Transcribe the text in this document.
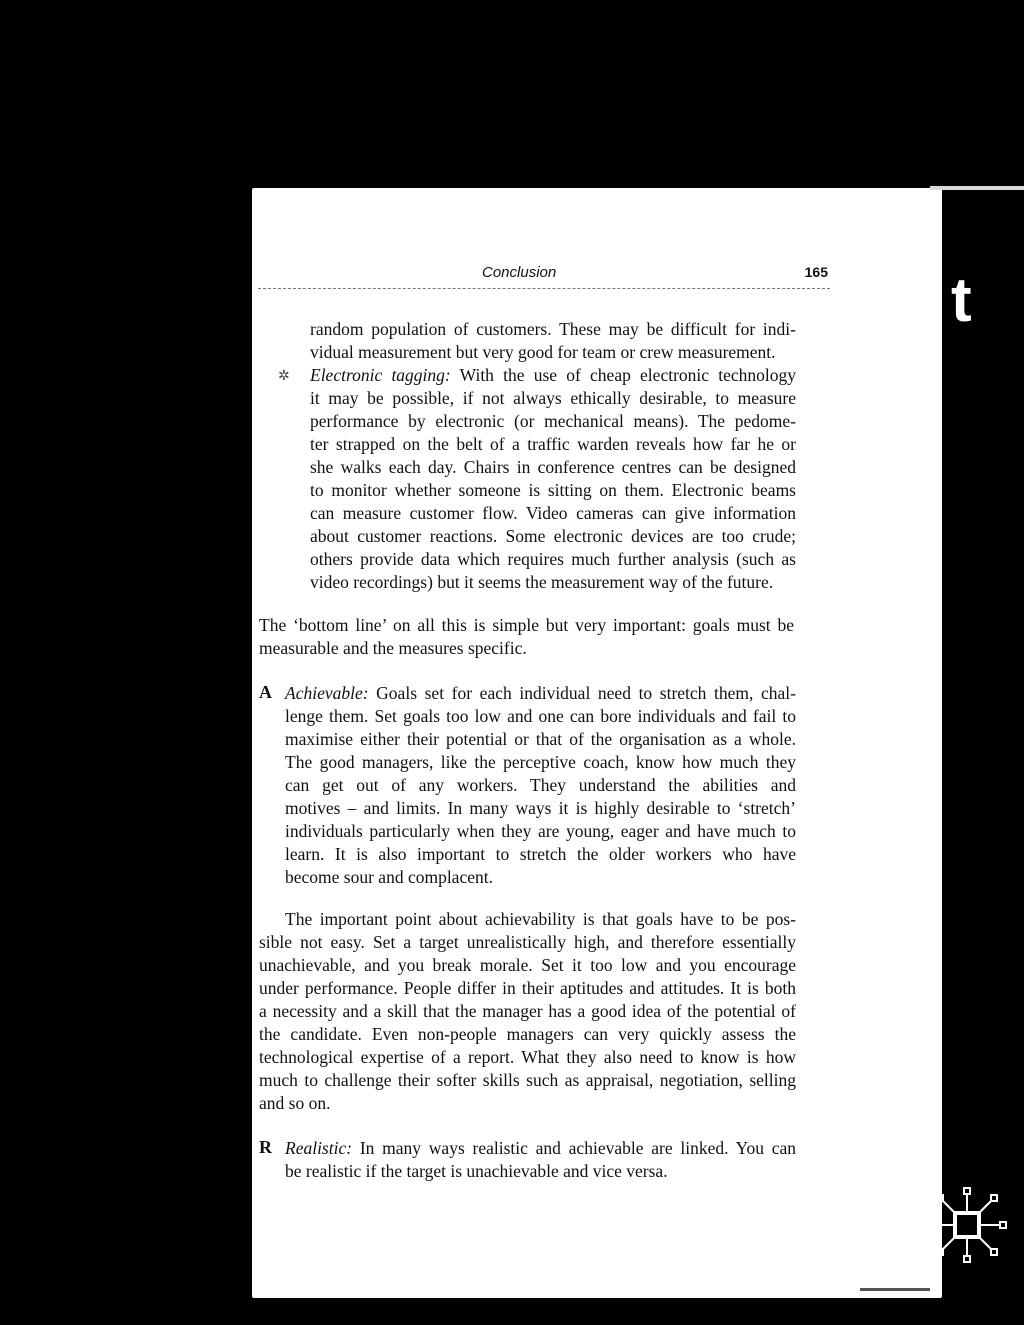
t
Conclusion	165
random population of customers. These may be difficult for indi-
vidual measurement but very good for team or crew measurement.
✲ Electronic tagging: With the use of cheap electronic technology
it may be possible, if not always ethically desirable, to measure
performance by electronic (or mechanical means). The pedome-
ter strapped on the belt of a traffic warden reveals how far he or
she walks each day. Chairs in conference centres can be designed
to monitor whether someone is sitting on them. Electronic beams
can measure customer flow. Video cameras can give information
about customer reactions. Some electronic devices are too crude;
others provide data which requires much further analysis (such as
video recordings) but it seems the measurement way of the future.
The ‘bottom line’ on all this is simple but very important: goals must be
measurable and the measures specific.
A Achievable: Goals set for each individual need to stretch them, chal-
lenge them. Set goals too low and one can bore individuals and fail to
maximise either their potential or that of the organisation as a whole.
The good managers, like the perceptive coach, know how much they
can get out of any workers. They understand the abilities and
motives – and limits. In many ways it is highly desirable to ‘stretch’
individuals particularly when they are young, eager and have much to
learn. It is also important to stretch the older workers who have
become sour and complacent.
The important point about achievability is that goals have to be pos-
sible not easy. Set a target unrealistically high, and therefore essentially
unachievable, and you break morale. Set it too low and you encourage
under performance. People differ in their aptitudes and attitudes. It is both
a necessity and a skill that the manager has a good idea of the potential of
the candidate. Even non-people managers can very quickly assess the
technological expertise of a report. What they also need to know is how
much to challenge their softer skills such as appraisal, negotiation, selling
and so on.
R Realistic: In many ways realistic and achievable are linked. You can
be realistic if the target is unachievable and vice versa.
